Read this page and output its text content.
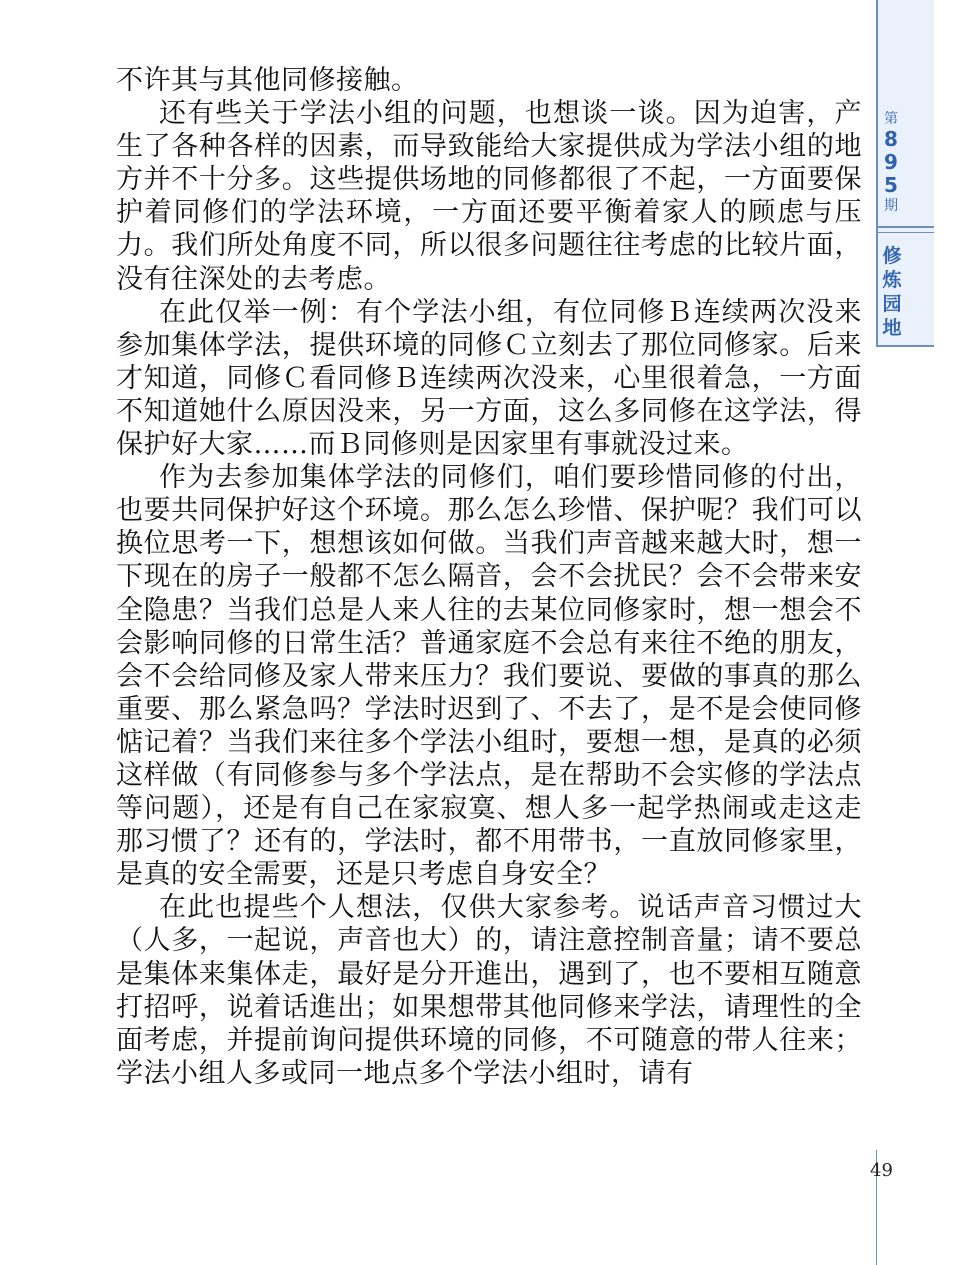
第
8
9
5
期
修
炼
园
地

不许其与其他同修接触。

还有些关于学法小组的问题，也想谈一谈。因为迫害，产生了各种各样的因素，而导致能给大家提供成为学法小组的地方并不十分多。这些提供场地的同修都很了不起，一方面要保护着同修们的学法环境，一方面还要平衡着家人的顾虑与压力。我们所处角度不同，所以很多问题往往考虑的比较片面，没有往深处的去考虑。

在此仅举一例：有个学法小组，有位同修Ｂ连续两次没来参加集体学法，提供环境的同修Ｃ立刻去了那位同修家。后来才知道，同修Ｃ看同修Ｂ连续两次没来，心里很着急，一方面不知道她什么原因没来，另一方面，这么多同修在这学法，得保护好大家……而Ｂ同修则是因家里有事就没过来。

作为去参加集体学法的同修们，咱们要珍惜同修的付出，也要共同保护好这个环境。那么怎么珍惜、保护呢？我们可以换位思考一下，想想该如何做。当我们声音越来越大时，想一下现在的房子一般都不怎么隔音，会不会扰民？会不会带来安全隐患？当我们总是人来人往的去某位同修家时，想一想会不会影响同修的日常生活？普通家庭不会总有来往不绝的朋友，会不会给同修及家人带来压力？我们要说、要做的事真的那么重要、那么紧急吗？学法时迟到了、不去了，是不是会使同修惦记着？当我们来往多个学法小组时，要想一想，是真的必须这样做（有同修参与多个学法点，是在帮助不会实修的学法点等问题），还是有自己在家寂寞、想人多一起学热闹或走这走那习惯了？还有的，学法时，都不用带书，一直放同修家里，是真的安全需要，还是只考虑自身安全？

在此也提些个人想法，仅供大家参考。说话声音习惯过大（人多，一起说，声音也大）的，请注意控制音量；请不要总是集体来集体走，最好是分开進出，遇到了，也不要相互随意打招呼，说着话進出；如果想带其他同修来学法，请理性的全面考虑，并提前询问提供环境的同修，不可随意的带人往来；学法小组人多或同一地点多个学法小组时，请有

49
